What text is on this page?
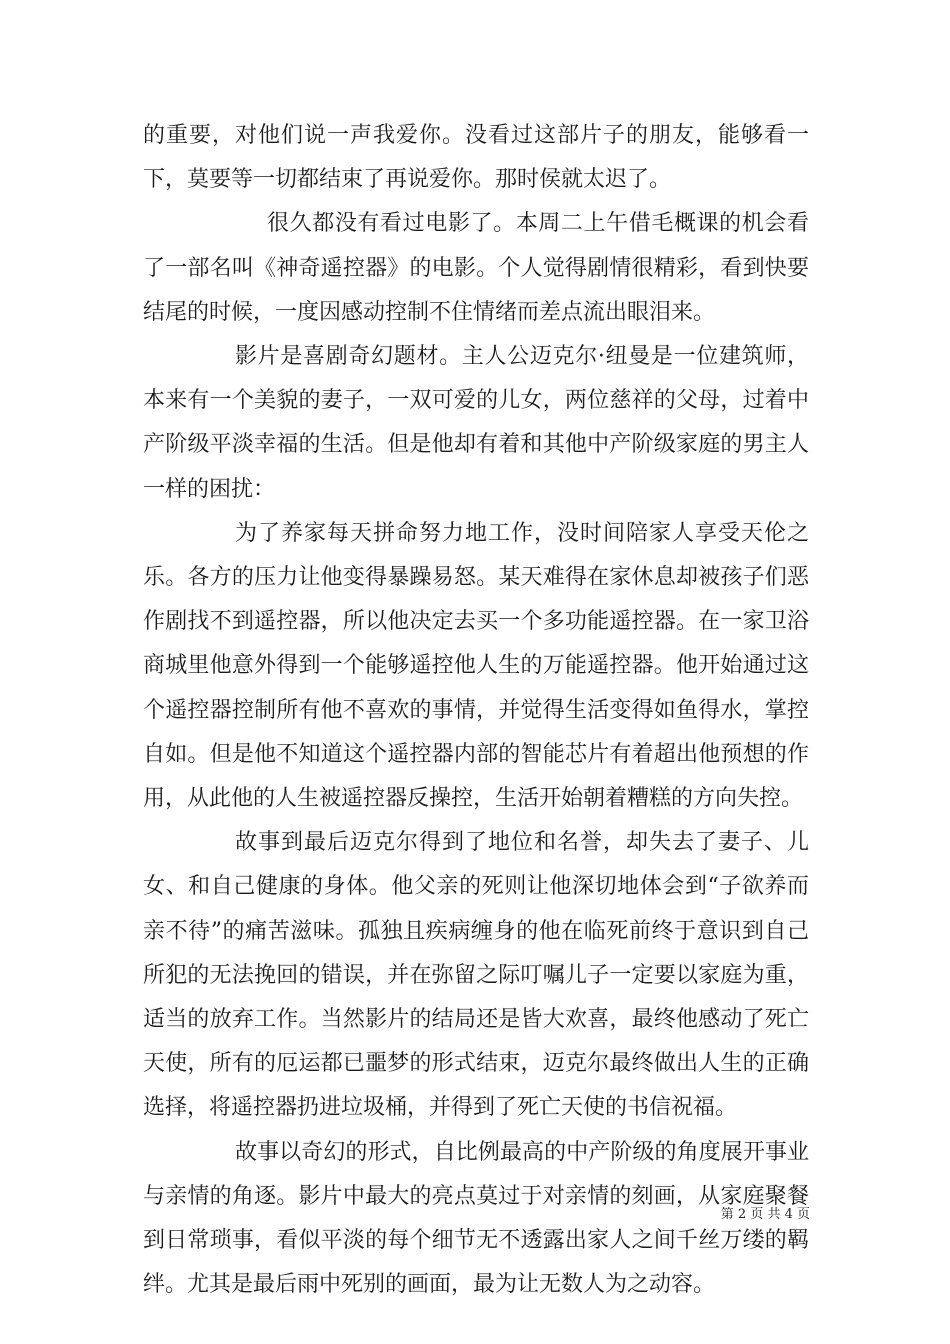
的重要，对他们说一声我爱你。没看过这部片子的朋友，能够看一下，莫要等一切都结束了再说爱你。那时侯就太迟了。

很久都没有看过电影了。本周二上午借毛概课的机会看了一部名叫《神奇遥控器》的电影。个人觉得剧情很精彩，看到快要结尾的时候，一度因感动控制不住情绪而差点流出眼泪来。

影片是喜剧奇幻题材。主人公迈克尔·纽曼是一位建筑师，本来有一个美貌的妻子，一双可爱的儿女，两位慈祥的父母，过着中产阶级平淡幸福的生活。但是他却有着和其他中产阶级家庭的男主人一样的困扰：

为了养家每天拼命努力地工作，没时间陪家人享受天伦之乐。各方的压力让他变得暴躁易怒。某天难得在家休息却被孩子们恶作剧找不到遥控器，所以他决定去买一个多功能遥控器。在一家卫浴商城里他意外得到一个能够遥控他人生的万能遥控器。他开始通过这个遥控器控制所有他不喜欢的事情，并觉得生活变得如鱼得水，掌控自如。但是他不知道这个遥控器内部的智能芯片有着超出他预想的作用，从此他的人生被遥控器反操控，生活开始朝着糟糕的方向失控。

故事到最后迈克尔得到了地位和名誉，却失去了妻子、儿女、和自己健康的身体。他父亲的死则让他深切地体会到“子欲养而亲不待”的痛苦滋味。孤独且疾病缠身的他在临死前终于意识到自己所犯的无法挽回的错误，并在弥留之际叮嘱儿子一定要以家庭为重，适当的放弃工作。当然影片的结局还是皆大欢喜，最终他感动了死亡天使，所有的厄运都已噩梦的形式结束，迈克尔最终做出人生的正确选择，将遥控器扔进垃圾桶，并得到了死亡天使的书信祝福。

故事以奇幻的形式，自比例最高的中产阶级的角度展开事业与亲情的角逐。影片中最大的亮点莫过于对亲情的刻画，从家庭聚餐到日常琐事，看似平淡的每个细节无不透露出家人之间千丝万缕的羁绊。尤其是最后雨中死别的画面，最为让无数人为之动容。

第 2 页 共 4 页
